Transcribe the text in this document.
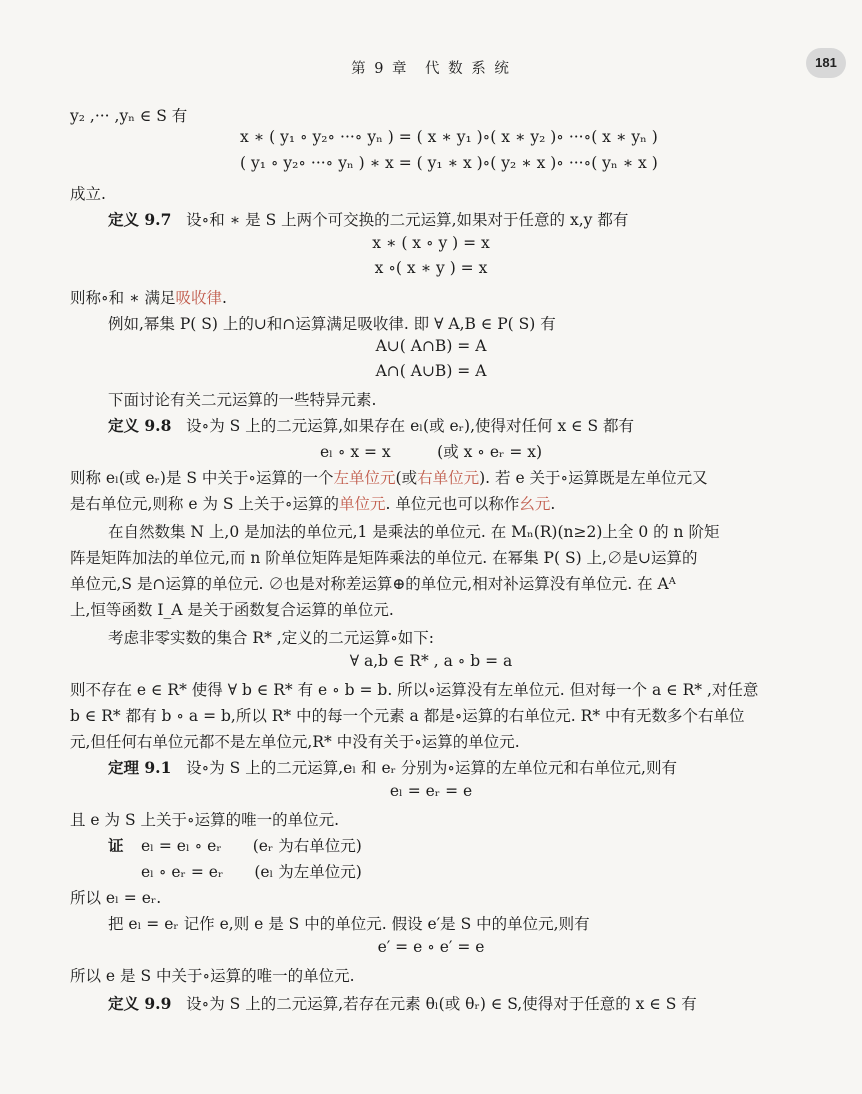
第 9 章　代 数 系 统	181
y₂ ,··· ,yₙ ∈ S 有
x ∗ ( y₁ ∘ y₂∘ ···∘ yₙ ) = ( x ∗ y₁ )∘( x ∗ y₂ )∘ ···∘( x ∗ yₙ )
( y₁ ∘ y₂∘ ···∘ yₙ ) ∗ x = ( y₁ ∗ x )∘( y₂ ∗ x )∘ ···∘( yₙ ∗ x )
成立.
定义 9.7 设∘和 ∗ 是 S 上两个可交换的二元运算,如果对于任意的 x,y 都有
x ∗ ( x ∘ y ) = x
x ∘( x ∗ y ) = x
则称∘和 ∗ 满足吸收律.
例如,幂集 P( S) 上的∪和∩运算满足吸收律. 即 ∀ A,B ∈ P( S) 有
A∪( A∩B) = A
A∩( A∪B) = A
下面讨论有关二元运算的一些特异元素.
定义 9.8 设∘为 S 上的二元运算,如果存在 eₗ(或 eᵣ),使得对任何 x ∈ S 都有
eₗ ∘ x = x　　　(或 x ∘ eᵣ = x)
则称 eₗ(或 eᵣ)是 S 中关于∘运算的一个左单位元(或右单位元). 若 e 关于∘运算既是左单位元又
是右单位元,则称 e 为 S 上关于∘运算的单位元. 单位元也可以称作幺元.
在自然数集 N 上,0 是加法的单位元,1 是乘法的单位元. 在 Mₙ(R)(n≥2)上全 0 的 n 阶矩
阵是矩阵加法的单位元,而 n 阶单位矩阵是矩阵乘法的单位元. 在幂集 P( S) 上,∅是∪运算的
单位元,S 是∩运算的单位元. ∅也是对称差运算⊕的单位元,相对补运算没有单位元. 在 Aᴬ
上,恒等函数 I_A 是关于函数复合运算的单位元.
考虑非零实数的集合 R* ,定义的二元运算∘如下:
∀ a,b ∈ R* , a ∘ b = a
则不存在 e ∈ R* 使得 ∀ b ∈ R* 有 e ∘ b = b. 所以∘运算没有左单位元. 但对每一个 a ∈ R* ,对任意
b ∈ R* 都有 b ∘ a = b,所以 R* 中的每一个元素 a 都是∘运算的右单位元. R* 中有无数多个右单位
元,但任何右单位元都不是左单位元,R* 中没有关于∘运算的单位元.
定理 9.1 设∘为 S 上的二元运算,eₗ 和 eᵣ 分别为∘运算的左单位元和右单位元,则有
eₗ = eᵣ = e
且 e 为 S 上关于∘运算的唯一的单位元.
证 eₗ = eₗ ∘ eᵣ　　(eᵣ 为右单位元)
eₗ ∘ eᵣ = eᵣ　　(eₗ 为左单位元)
所以 eₗ = eᵣ.
把 eₗ = eᵣ 记作 e,则 e 是 S 中的单位元. 假设 e′是 S 中的单位元,则有
e′ = e ∘ e′ = e
所以 e 是 S 中关于∘运算的唯一的单位元.
定义 9.9 设∘为 S 上的二元运算,若存在元素 θₗ(或 θᵣ) ∈ S,使得对于任意的 x ∈ S 有
